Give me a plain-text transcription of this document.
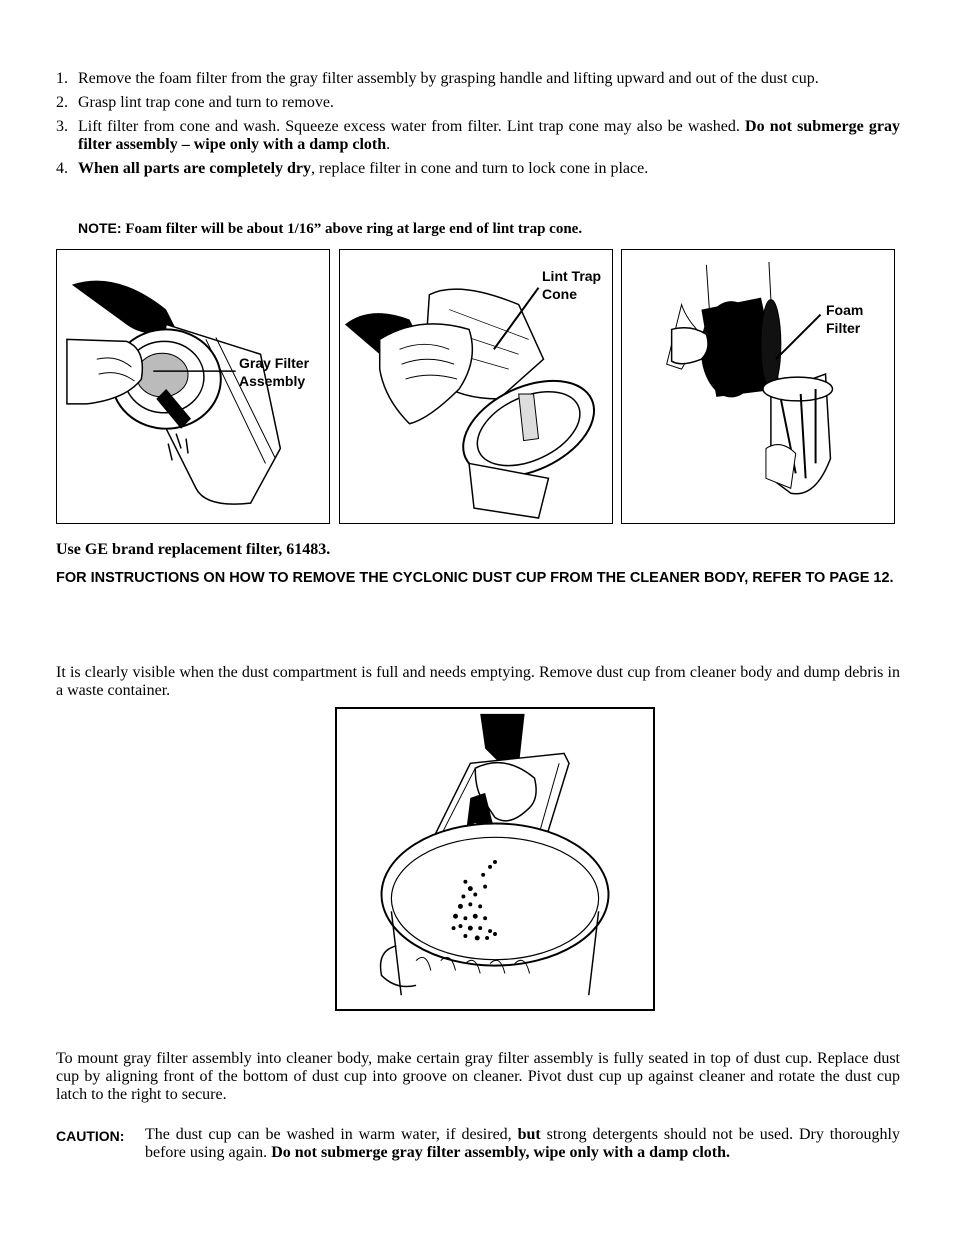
1. Remove the foam filter from the gray filter assembly by grasping handle and lifting upward and out of the dust cup.
2. Grasp lint trap cone and turn to remove.
3. Lift filter from cone and wash. Squeeze excess water from filter. Lint trap cone may also be washed. Do not submerge gray filter assembly – wipe only with a damp cloth.
4. When all parts are completely dry, replace filter in cone and turn to lock cone in place.
NOTE: Foam filter will be about 1/16” above ring at large end of lint trap cone.
Gray Filter
Assembly
Lint Trap
Cone
Foam
Filter
Use GE brand replacement filter, 61483.
FOR INSTRUCTIONS ON HOW TO REMOVE THE CYCLONIC DUST CUP FROM THE CLEANER BODY, REFER TO PAGE 12.
It is clearly visible when the dust compartment is full and needs emptying. Remove dust cup from cleaner body and dump debris in a waste container.
To mount gray filter assembly into cleaner body, make certain gray filter assembly is fully seated in top of dust cup. Replace dust cup by aligning front of the bottom of dust cup into groove on cleaner. Pivot dust cup up against cleaner and rotate the dust cup latch to the right to secure.
CAUTION: The dust cup can be washed in warm water, if desired, but strong detergents should not be used. Dry thoroughly before using again. Do not submerge gray filter assembly, wipe only with a damp cloth.
